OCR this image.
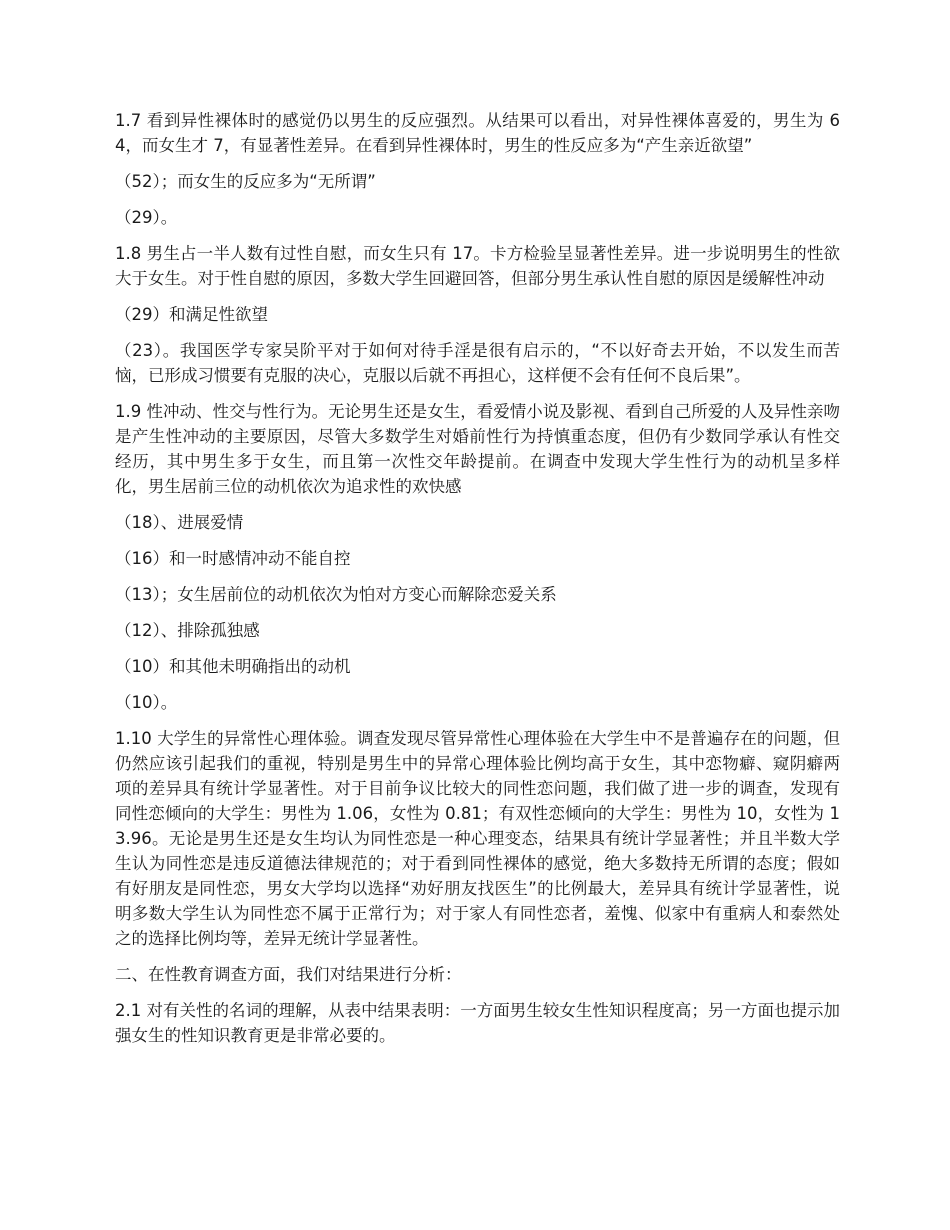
1.7 看到异性裸体时的感觉仍以男生的反应强烈。从结果可以看出，对异性裸体喜爱的，男生为 64，而女生才 7，有显著性差异。在看到异性裸体时，男生的性反应多为“产生亲近欲望”

（52）；而女生的反应多为“无所谓”

（29）。

1.8 男生占一半人数有过性自慰，而女生只有 17。卡方检验呈显著性差异。进一步说明男生的性欲大于女生。对于性自慰的原因，多数大学生回避回答，但部分男生承认性自慰的原因是缓解性冲动

（29）和满足性欲望

（23）。我国医学专家吴阶平对于如何对待手淫是很有启示的，“不以好奇去开始，不以发生而苦恼，已形成习惯要有克服的决心，克服以后就不再担心，这样便不会有任何不良后果”。

1.9 性冲动、性交与性行为。无论男生还是女生，看爱情小说及影视、看到自己所爱的人及异性亲吻是产生性冲动的主要原因，尽管大多数学生对婚前性行为持慎重态度，但仍有少数同学承认有性交经历，其中男生多于女生，而且第一次性交年龄提前。在调查中发现大学生性行为的动机呈多样化，男生居前三位的动机依次为追求性的欢快感

（18）、进展爱情

（16）和一时感情冲动不能自控

（13）；女生居前位的动机依次为怕对方变心而解除恋爱关系

（12）、排除孤独感

（10）和其他未明确指出的动机

（10）。

1.10 大学生的异常性心理体验。调查发现尽管异常性心理体验在大学生中不是普遍存在的问题，但仍然应该引起我们的重视，特别是男生中的异常心理体验比例均高于女生，其中恋物癖、窥阴癖两项的差异具有统计学显著性。对于目前争议比较大的同性恋问题，我们做了进一步的调查，发现有同性恋倾向的大学生：男性为 1.06，女性为 0.81；有双性恋倾向的大学生：男性为 10，女性为 13.96。无论是男生还是女生均认为同性恋是一种心理变态，结果具有统计学显著性；并且半数大学生认为同性恋是违反道德法律规范的；对于看到同性裸体的感觉，绝大多数持无所谓的态度；假如有好朋友是同性恋，男女大学均以选择“劝好朋友找医生”的比例最大，差异具有统计学显著性，说明多数大学生认为同性恋不属于正常行为；对于家人有同性恋者，羞愧、似家中有重病人和泰然处之的选择比例均等，差异无统计学显著性。

二、在性教育调查方面，我们对结果进行分析：

2.1 对有关性的名词的理解，从表中结果表明：一方面男生较女生性知识程度高；另一方面也提示加强女生的性知识教育更是非常必要的。
